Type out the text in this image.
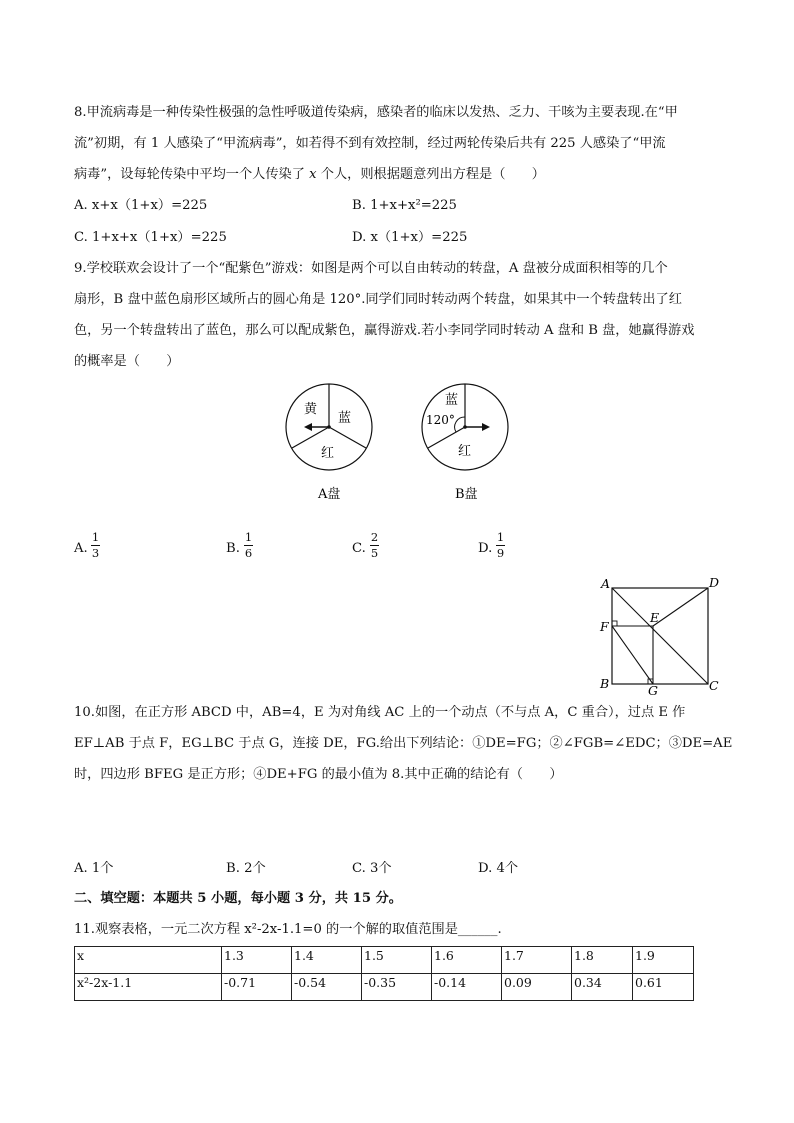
8.甲流病毒是一种传染性极强的急性呼吸道传染病，感染者的临床以发热、乏力、干咳为主要表现.在“甲
流”初期，有 1 人感染了“甲流病毒”，如若得不到有效控制，经过两轮传染后共有 225 人感染了“甲流
病毒”，设每轮传染中平均一个人传染了 x 个人，则根据题意列出方程是（　　）
A. x+x（1+x）=225	B. 1+x+x²=225
C. 1+x+x（1+x）=225	D. x（1+x）=225
9.学校联欢会设计了一个“配紫色”游戏：如图是两个可以自由转动的转盘，A 盘被分成面积相等的几个
扇形，B 盘中蓝色扇形区域所占的圆心角是 120°.同学们同时转动两个转盘，如果其中一个转盘转出了红
色，另一个转盘转出了蓝色，那么可以配成紫色，赢得游戏.若小李同学同时转动 A 盘和 B 盘，她赢得游戏
的概率是（　　）
黄
蓝
红
A盘
蓝
120°
红
B盘
A.
1
3	B.
1
6	C.
2
5	D.
1
9
A	D
E
F
B	G	C
10.如图，在正方形 ABCD 中，AB=4，E 为对角线 AC 上的一个动点（不与点 A，C 重合），过点 E 作
EF⊥AB 于点 F，EG⊥BC 于点 G，连接 DE，FG.给出下列结论：①DE=FG；②∠FGB=∠EDC；③DE=AE
时，四边形 BFEG 是正方形；④DE+FG 的最小值为 8.其中正确的结论有（　　）
A. 1个	B. 2个	C. 3个	D. 4个
二、填空题：本题共 5 小题，每小题 3 分，共 15 分。
11.观察表格，一元二次方程 x²-2x-1.1=0 的一个解的取值范围是______.
x	1.3	1.4	1.5	1.6	1.7	1.8	1.9
x²-2x-1.1	-0.71	-0.54	-0.35	-0.14	0.09	0.34	0.61
